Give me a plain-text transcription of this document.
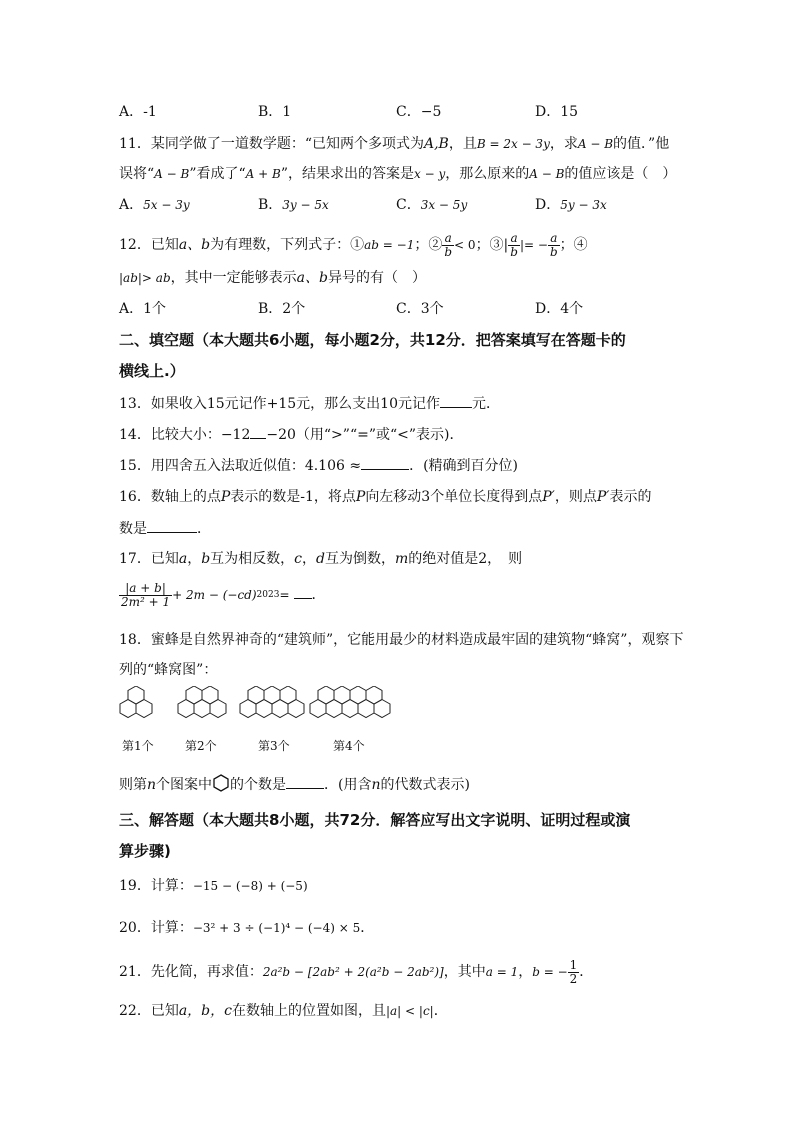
A．-1	B．1	C．−5	D．15
11．某同学做了一道数学题：“已知两个多项式为A,B，且B = 2x − 3y，求A − B的值．”他
误将“A − B”看成了“A + B”，结果求出的答案是x − y，那么原来的A − B的值应该是（　）
A．5x − 3y	B．3y − 5x	C．3x − 5y	D．5y − 3x
12．已知a、b为有理数，下列式子：①ab = −1；② $\frac{a}{b} < 0$；③| $\frac{a}{b}$ |= − $\frac{a}{b}$ ；④
|ab|> ab，其中一定能够表示a、b异号的有（　）
A．1个	B．2个	C．3个	D．4个
二、填空题（本大题共6小题，每小题2分，共12分．把答案填写在答题卡的
横线上.）
13．如果收入15元记作+15元，那么支出10元记作 元．
14．比较大小：−12 −20（用“>”“=”或“<”表示)．
15．用四舍五入法取近似值：4.106 ≈	．(精确到百分位)
16．数轴上的点P表示的数是-1，将点P向左移动3个单位长度得到点P′，则点P′表示的
数是	．
17．已知a，b互为相反数，c，d互为倒数，m的绝对值是2，　则
$\frac{|a + b|}{\text{2m² + 1}} + 2m - (-cd)^{2023}=$ ．
18．蜜蜂是自然界神奇的“建筑师”，它能用最少的材料造成最牢固的建筑物“蜂窝”，观察下
列的“蜂窝图”：
第1个	第2个	第3个	第4个
则第n个图案中 的个数是	．(用含n的代数式表示)
三、解答题（本大题共8小题，共72分．解答应写出文字说明、证明过程或演
算步骤)
19．计算：−15 − (−8) + (−5)
20．计算：−3² + 3 ÷ (−1)⁴ − (−4) × 5．
21．先化简，再求值：2a²b − [2ab² + 2(a²b − 2ab²)]，其中a = 1，b = − $\frac{1}{2}$ ．
22．已知a，b，c在数轴上的位置如图，且|a| < |c|．
